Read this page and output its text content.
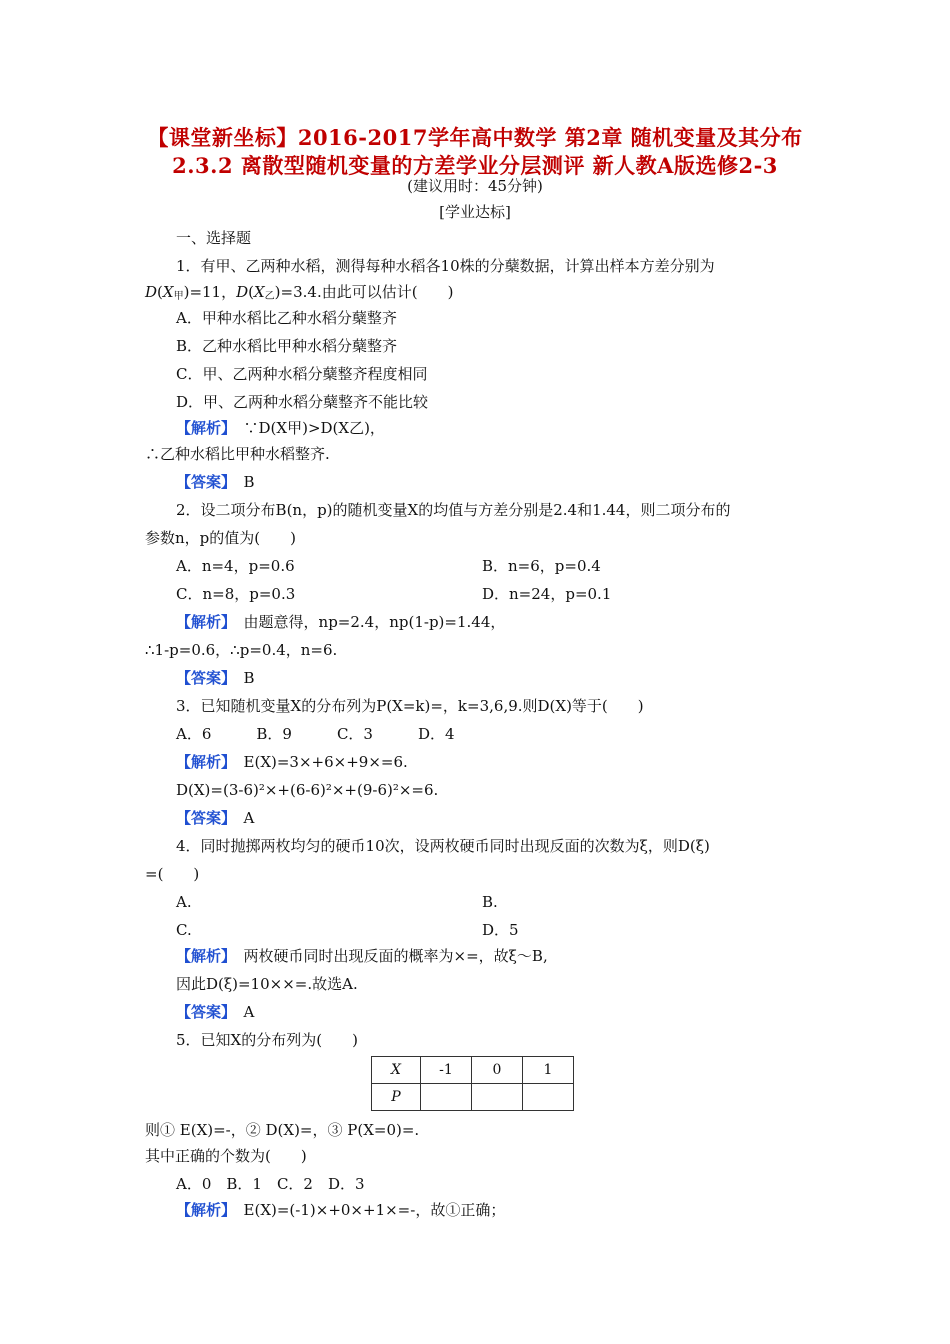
【课堂新坐标】2016-2017学年高中数学 第2章 随机变量及其分布
2.3.2 离散型随机变量的方差学业分层测评 新人教A版选修2-3
(建议用时：45分钟)
[学业达标]
一、选择题
1．有甲、乙两种水稻，测得每种水稻各10株的分蘖数据，计算出样本方差分别为
$D(X_甲)=11$，$D(X_乙)=3.4$.由此可以估计(　　)
A．甲种水稻比乙种水稻分蘖整齐
B．乙种水稻比甲种水稻分蘖整齐
C．甲、乙两种水稻分蘖整齐程度相同
D．甲、乙两种水稻分蘖整齐不能比较
【解析】　 ∵D(X甲)>D(X乙)，
∴乙种水稻比甲种水稻整齐.
【答案】　 B
2．设二项分布B(n，p)的随机变量X的均值与方差分别是2.4和1.44，则二项分布的
参数n，p的值为(　　)
A．n=4，p=0.6	B．n=6，p=0.4
C．n=8，p=0.3	D．n=24，p=0.1
【解析】　 由题意得，np=2.4，np(1-p)=1.44，
∴1-p=0.6，∴p=0.4，n=6.
【答案】　 B
3．已知随机变量X的分布列为P(X=k)=，k=3,6,9.则D(X)等于(　　)
A．6　　　B．9　　　C．3　　　D．4
【解析】　 E(X)=3×+6×+9×=6.
D(X)=(3-6)²×+(6-6)²×+(9-6)²×=6.
【答案】　 A
4．同时抛掷两枚均匀的硬币10次，设两枚硬币同时出现反面的次数为ξ，则D(ξ)
=(　　)
A.	B.
C.	D．5
【解析】　 两枚硬币同时出现反面的概率为×=，故ξ～B,
因此D(ξ)=10××=.故选A.
【答案】　 A
5．已知X的分布列为(　　)
X	-1	0	1
P			
则① E(X)=-，② D(X)=，③ P(X=0)=.
其中正确的个数为(　　)
A．0　B．1　C．2　D．3
【解析】　 E(X)=(-1)×+0×+1×=-，故①正确；
